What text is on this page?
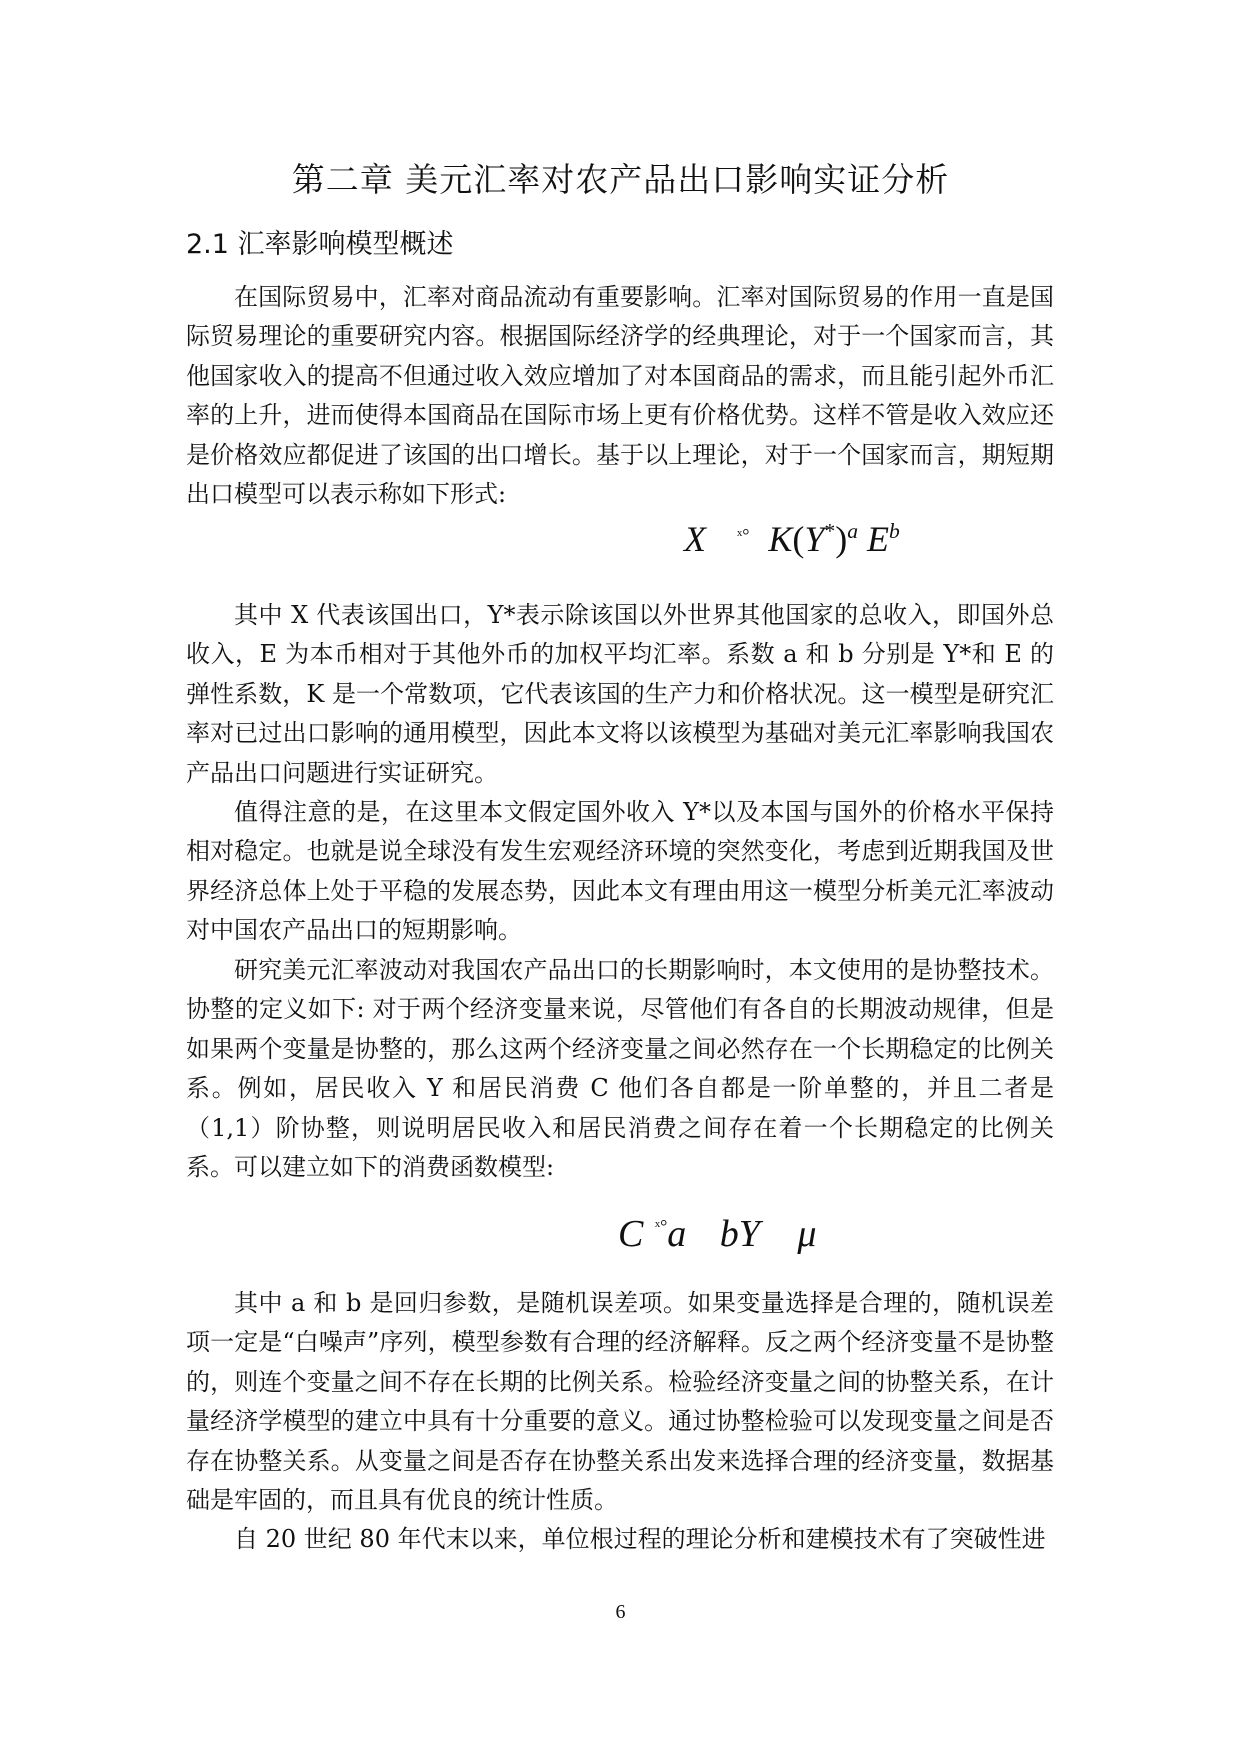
第二章 美元汇率对农产品出口影响实证分析
2.1 汇率影响模型概述

在国际贸易中，汇率对商品流动有重要影响。汇率对国际贸易的作用一直是国际贸易理论的重要研究内容。根据国际经济学的经典理论，对于一个国家而言，其他国家收入的提高不但通过收入效应增加了对本国商品的需求，而且能引起外币汇率的上升，进而使得本国商品在国际市场上更有价格优势。这样不管是收入效应还是价格效应都促进了该国的出口增长。基于以上理论，对于一个国家而言，期短期出口模型可以表示称如下形式:

X ˣ° $K(Y^*)^a$ $E^b$

其中 X 代表该国出口，Y*表示除该国以外世界其他国家的总收入，即国外总收入，E 为本币相对于其他外币的加权平均汇率。系数 a 和 b 分别是 Y*和 E 的弹性系数，K 是一个常数项，它代表该国的生产力和价格状况。这一模型是研究汇率对已过出口影响的通用模型，因此本文将以该模型为基础对美元汇率影响我国农产品出口问题进行实证研究。

值得注意的是，在这里本文假定国外收入 Y*以及本国与国外的价格水平保持相对稳定。也就是说全球没有发生宏观经济环境的突然变化，考虑到近期我国及世界经济总体上处于平稳的发展态势，因此本文有理由用这一模型分析美元汇率波动对中国农产品出口的短期影响。

研究美元汇率波动对我国农产品出口的长期影响时，本文使用的是协整技术。协整的定义如下: 对于两个经济变量来说，尽管他们有各自的长期波动规律，但是如果两个变量是协整的，那么这两个经济变量之间必然存在一个长期稳定的比例关系。例如，居民收入 Y 和居民消费 C 他们各自都是一阶单整的，并且二者是（1,1）阶协整，则说明居民收入和居民消费之间存在着一个长期稳定的比例关系。可以建立如下的消费函数模型:

C ˣ°a bY μ

其中 a 和 b 是回归参数，是随机误差项。如果变量选择是合理的，随机误差项一定是“白噪声”序列，模型参数有合理的经济解释。反之两个经济变量不是协整的，则连个变量之间不存在长期的比例关系。检验经济变量之间的协整关系，在计量经济学模型的建立中具有十分重要的意义。通过协整检验可以发现变量之间是否存在协整关系。从变量之间是否存在协整关系出发来选择合理的经济变量，数据基础是牢固的，而且具有优良的统计性质。

自 20 世纪 80 年代末以来，单位根过程的理论分析和建模技术有了突破性进

6
